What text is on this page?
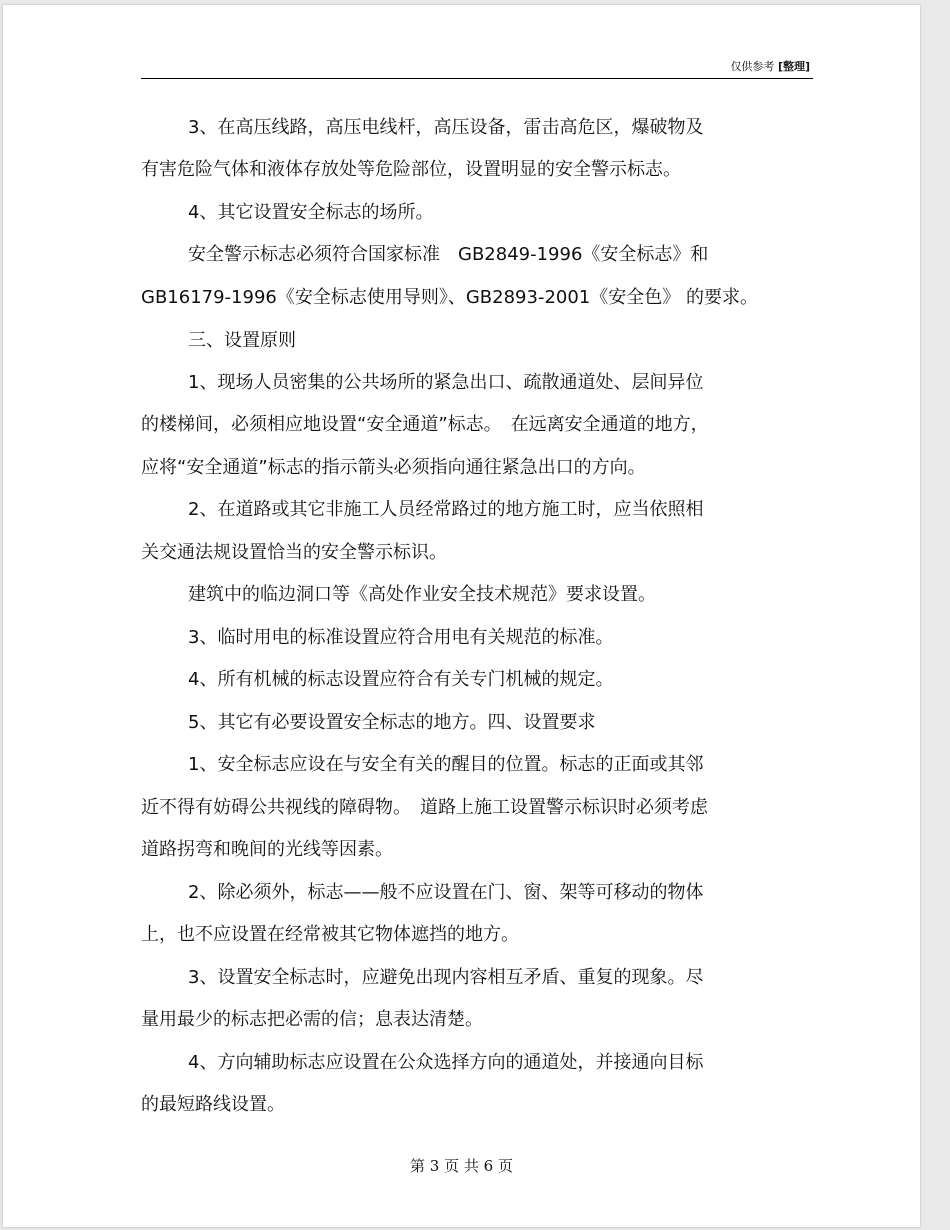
仅供参考 [整理]
3、在高压线路，高压电线杆，高压设备，雷击高危区，爆破物及
有害危险气体和液体存放处等危险部位，设置明显的安全警示标志。
4、其它设置安全标志的场所。
安全警示标志必须符合国家标准　GB2849-1996《安全标志》和
GB16179-1996《安全标志使用导则》、GB2893-2001《安全色》 的要求。
三、设置原则
1、现场人员密集的公共场所的紧急出口、疏散通道处、层间异位
的楼梯间，必须相应地设置“安全通道”标志。　在远离安全通道的地方，
应将“安全通道”标志的指示箭头必须指向通往紧急出口的方向。
2、在道路或其它非施工人员经常路过的地方施工时，应当依照相
关交通法规设置恰当的安全警示标识。
建筑中的临边洞口等《高处作业安全技术规范》要求设置。
3、临时用电的标准设置应符合用电有关规范的标准。
4、所有机械的标志设置应符合有关专门机械的规定。
5、其它有必要设置安全标志的地方。四、设置要求
1、安全标志应设在与安全有关的醒目的位置。标志的正面或其邻
近不得有妨碍公共视线的障碍物。　道路上施工设置警示标识时必须考虑
道路拐弯和晚间的光线等因素。
2、除必须外，标志——般不应设置在门、窗、架等可移动的物体
上，也不应设置在经常被其它物体遮挡的地方。
3、设置安全标志时，应避免出现内容相互矛盾、重复的现象。尽
量用最少的标志把必需的信；息表达清楚。
4、方向辅助标志应设置在公众选择方向的通道处，并接通向目标
的最短路线设置。
第 3 页 共 6 页
